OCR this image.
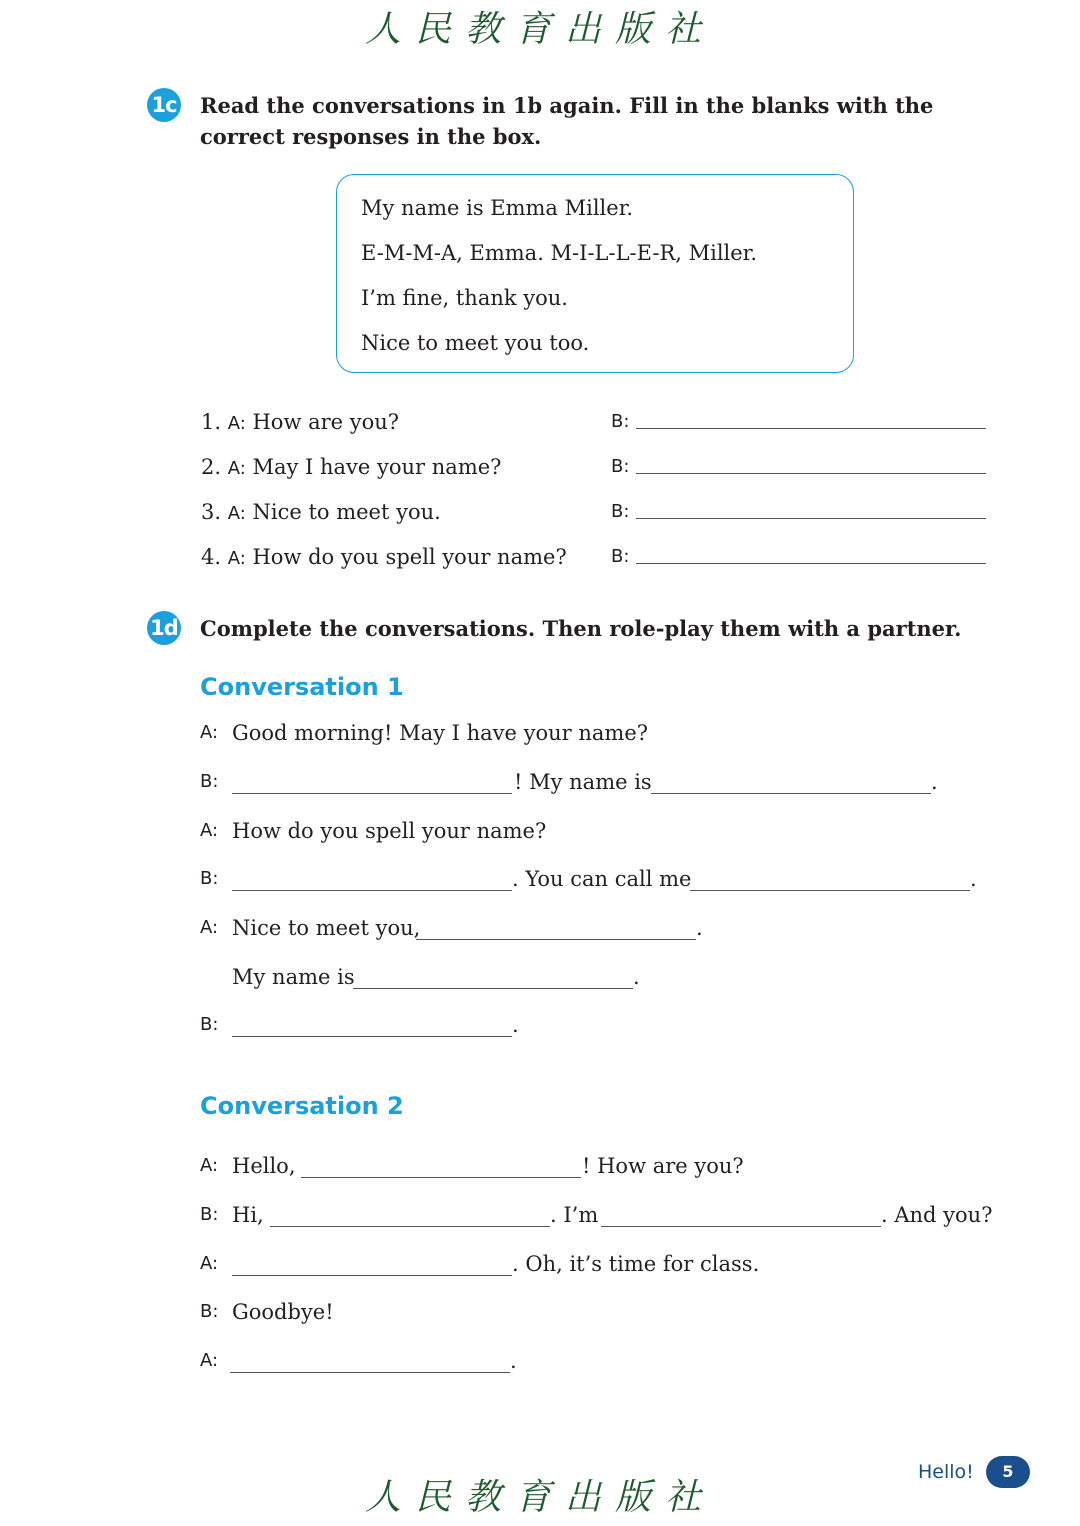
人民教育出版社
1c Read the conversations in 1b again. Fill in the blanks with the correct responses in the box.
My name is Emma Miller.
E-M-M-A, Emma. M-I-L-L-E-R, Miller.
I’m fine, thank you.
Nice to meet you too.
1. A: How are you?	B:
2. A: May I have your name?	B:
3. A: Nice to meet you.	B:
4. A: How do you spell your name? B:
1d Complete the conversations. Then role-play them with a partner.
Conversation 1
A: Good morning! May I have your name?
B:	! My name is	.
A: How do you spell your name?
B:	. You can call me	.
A: Nice to meet you,	.
My name is	.
B:	.
Conversation 2
A: Hello,	! How are you?
B: Hi,	. I’m	. And you?
A:	. Oh, it’s time for class.
B: Goodbye!
A:	.
Hello!	5
人民教育出版社
